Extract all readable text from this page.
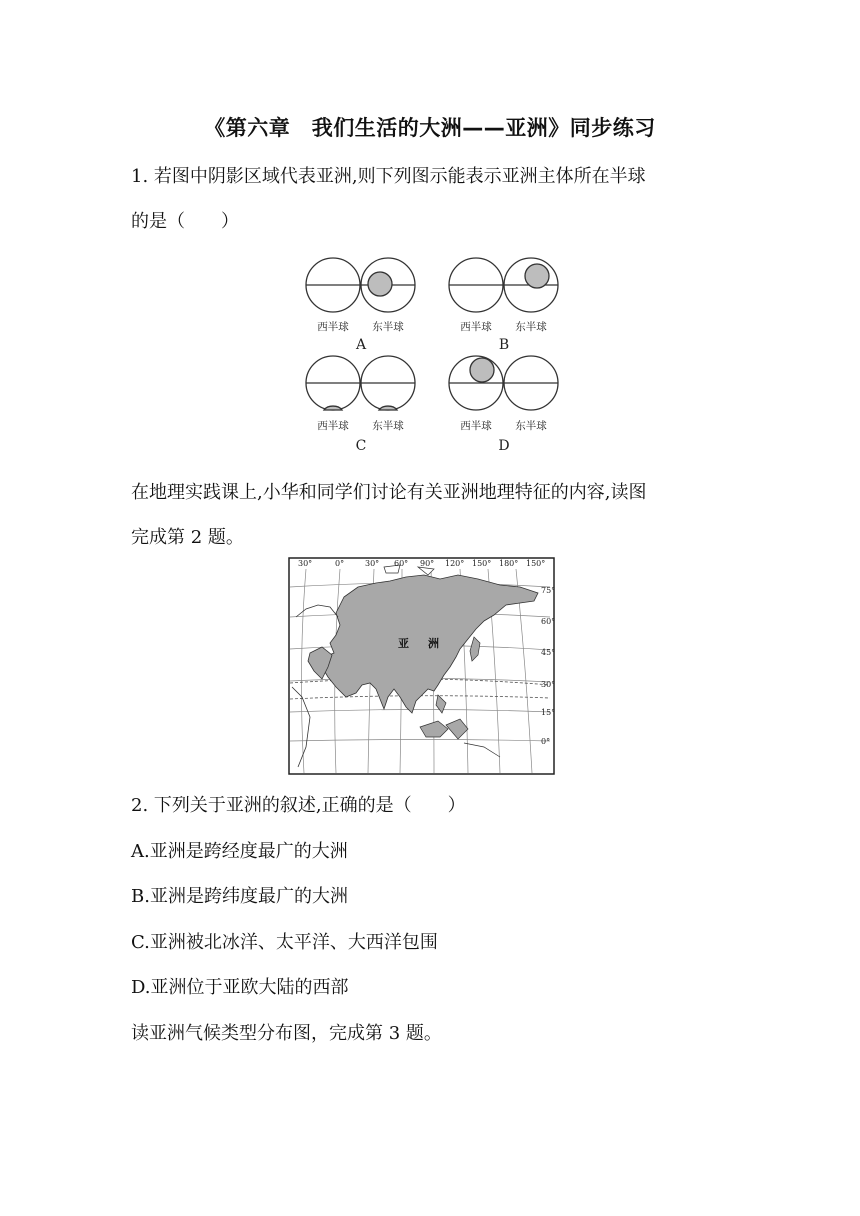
《第六章　我们生活的大洲——亚洲》同步练习
1. 若图中阴影区域代表亚洲,则下列图示能表示亚洲主体所在半球
的是（　　）
西半球 东半球	西半球 东半球
西半球 东半球	西半球 东半球
A	B
C	D
在地理实践课上,小华和同学们讨论有关亚洲地理特征的内容,读图
完成第 2 题。
30°	0°	30° 60° 90° 120° 150° 180° 150°
75°
60°
45°
30°
15°
0°
亚 洲
2. 下列关于亚洲的叙述,正确的是（　　）
A.亚洲是跨经度最广的大洲
B.亚洲是跨纬度最广的大洲
C.亚洲被北冰洋、太平洋、大西洋包围
D.亚洲位于亚欧大陆的西部
读亚洲气候类型分布图，完成第 3 题。
